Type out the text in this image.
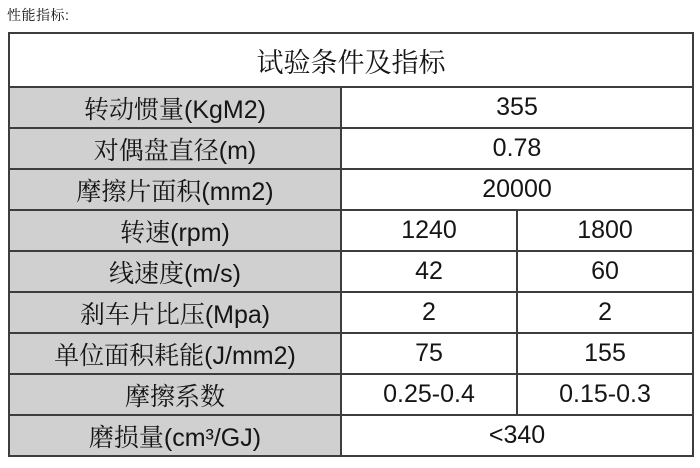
性能指标:
试验条件及指标		
转动惯量(KgM2)	355	
对偶盘直径(m)	0.78	
摩擦片面积(mm2)	20000	
转速(rpm)	1240	1800
线速度(m/s)	42	60
刹车片比压(Mpa)	2	2
单位面积耗能(J/mm2)	75	155
摩擦系数	0.25-0.4	0.15-0.3
磨损量(cm³/GJ)	<340	
